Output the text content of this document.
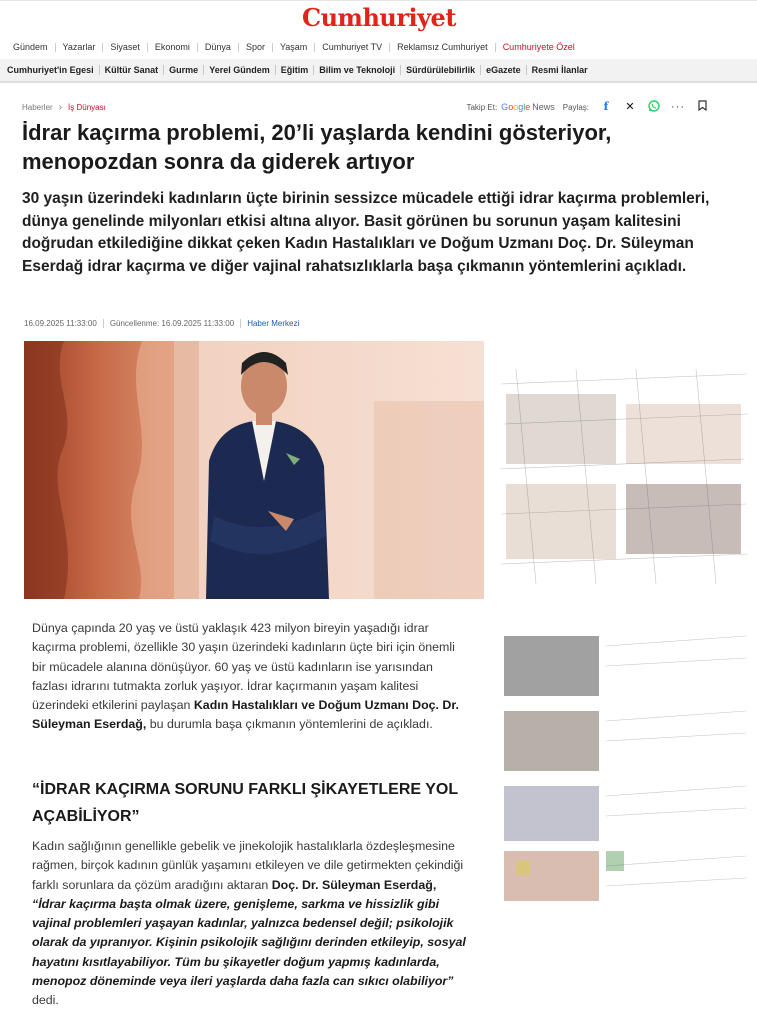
Cumhuriyet
Gündem	Yazarlar	Siyaset	Ekonomi	Dünya	Spor	Yaşam	Cumhuriyet TV	Reklamsız Cumhuriyet	Cumhuriyete Özel
Cumhuriyet'in Egesi	Kültür Sanat	Gurme	Yerel Gündem	Eğitim	Bilim ve Teknoloji	Sürdürülebilirlik	eGazete	Resmi İlanlar
Haberler › İş Dünyası	Takip Et: Google News Paylaş:	f	✕	···
İdrar kaçırma problemi, 20’li yaşlarda kendini gösteriyor, menopozdan sonra da giderek artıyor

30 yaşın üzerindeki kadınların üçte birinin sessizce mücadele ettiği idrar kaçırma problemleri, dünya genelinde milyonları etkisi altına alıyor. Basit görünen bu sorunun yaşam kalitesini doğrudan etkilediğine dikkat çeken Kadın Hastalıkları ve Doğum Uzmanı Doç. Dr. Süleyman Eserdağ idrar kaçırma ve diğer vajinal rahatsızlıklarla başa çıkmanın yöntemlerini açıkladı.

16.09.2025 11:33:00 Güncellenme: 16.09.2025 11:33:00 Haber Merkezi

Dünya çapında 20 yaş ve üstü yaklaşık 423 milyon bireyin yaşadığı idrar kaçırma problemi, özellikle 30 yaşın üzerindeki kadınların üçte biri için önemli bir mücadele alanına dönüşüyor. 60 yaş ve üstü kadınların ise yarısından fazlası idrarını tutmakta zorluk yaşıyor. İdrar kaçırmanın yaşam kalitesi üzerindeki etkilerini paylaşan Kadın Hastalıkları ve Doğum Uzmanı Doç. Dr. Süleyman Eserdağ, bu durumla başa çıkmanın yöntemlerini de açıkladı.

“İDRAR KAÇIRMA SORUNU FARKLI ŞİKAYETLERE YOL AÇABİLİYOR”

Kadın sağlığının genellikle gebelik ve jinekolojik hastalıklarla özdeşleşmesine rağmen, birçok kadının günlük yaşamını etkileyen ve dile getirmekten çekindiği farklı sorunlara da çözüm aradığını aktaran Doç. Dr. Süleyman Eserdağ, “İdrar kaçırma başta olmak üzere, genişleme, sarkma ve hissizlik gibi vajinal problemleri yaşayan kadınlar, yalnızca bedensel değil; psikolojik olarak da yıpranıyor. Kişinin psikolojik sağlığını derinden etkileyip, sosyal hayatını kısıtlayabiliyor. Tüm bu şikayetler doğum yapmış kadınlarda, menopoz döneminde veya ileri yaşlarda daha fazla can sıkıcı olabiliyor” dedi.
